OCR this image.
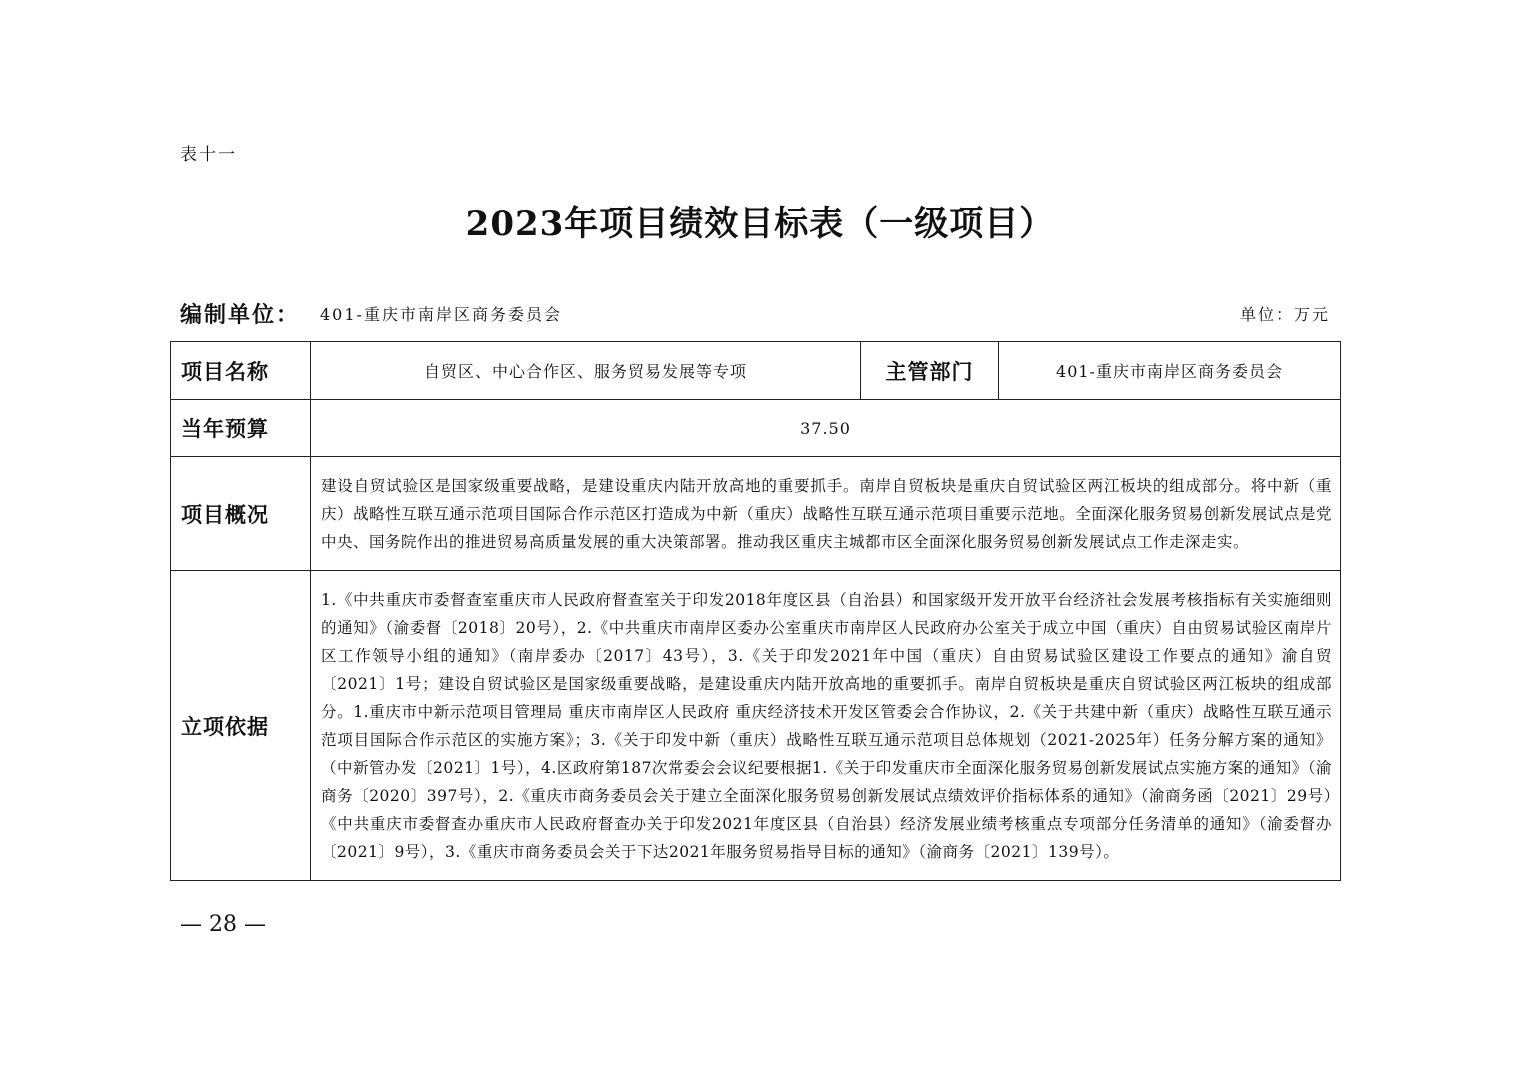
表十一
2023年项目绩效目标表（一级项目）
编制单位： 401-重庆市南岸区商务委员会	单位：万元
项目名称	自贸区、中心合作区、服务贸易发展等专项	主管部门	401-重庆市南岸区商务委员会
当年预算	37.50		
项目概况	建设自贸试验区是国家级重要战略，是建设重庆内陆开放高地的重要抓手。南岸自贸板块是重庆自贸试验区两江板块的组成部分。将中新（重庆）战略性互联互通示范项目国际合作示范区打造成为中新（重庆）战略性互联互通示范项目重要示范地。全面深化服务贸易创新发展试点是党中央、国务院作出的推进贸易高质量发展的重大决策部署。推动我区重庆主城都市区全面深化服务贸易创新发展试点工作走深走实。		
立项依据	1.《中共重庆市委督查室重庆市人民政府督查室关于印发2018年度区县（自治县）和国家级开发开放平台经济社会发展考核指标有关实施细则的通知》（渝委督〔2018〕20号），2.《中共重庆市南岸区委办公室重庆市南岸区人民政府办公室关于成立中国（重庆）自由贸易试验区南岸片区工作领导小组的通知》（南岸委办〔2017〕43号），3.《关于印发2021年中国（重庆）自由贸易试验区建设工作要点的通知》渝自贸〔2021〕1号；建设自贸试验区是国家级重要战略，是建设重庆内陆开放高地的重要抓手。南岸自贸板块是重庆自贸试验区两江板块的组成部分。1.重庆市中新示范项目管理局 重庆市南岸区人民政府 重庆经济技术开发区管委会合作协议，2.《关于共建中新（重庆）战略性互联互通示范项目国际合作示范区的实施方案》；3.《关于印发中新（重庆）战略性互联互通示范项目总体规划（2021-2025年）任务分解方案的通知》（中新管办发〔2021〕1号），4.区政府第187次常委会会议纪要根据1.《关于印发重庆市全面深化服务贸易创新发展试点实施方案的通知》（渝商务〔2020〕397号），2.《重庆市商务委员会关于建立全面深化服务贸易创新发展试点绩效评价指标体系的通知》（渝商务函〔2021〕29号）《中共重庆市委督查办重庆市人民政府督查办关于印发2021年度区县（自治县）经济发展业绩考核重点专项部分任务清单的通知》（渝委督办〔2021〕9号），3.《重庆市商务委员会关于下达2021年服务贸易指导目标的通知》（渝商务〔2021〕139号）。		
— 28 —
